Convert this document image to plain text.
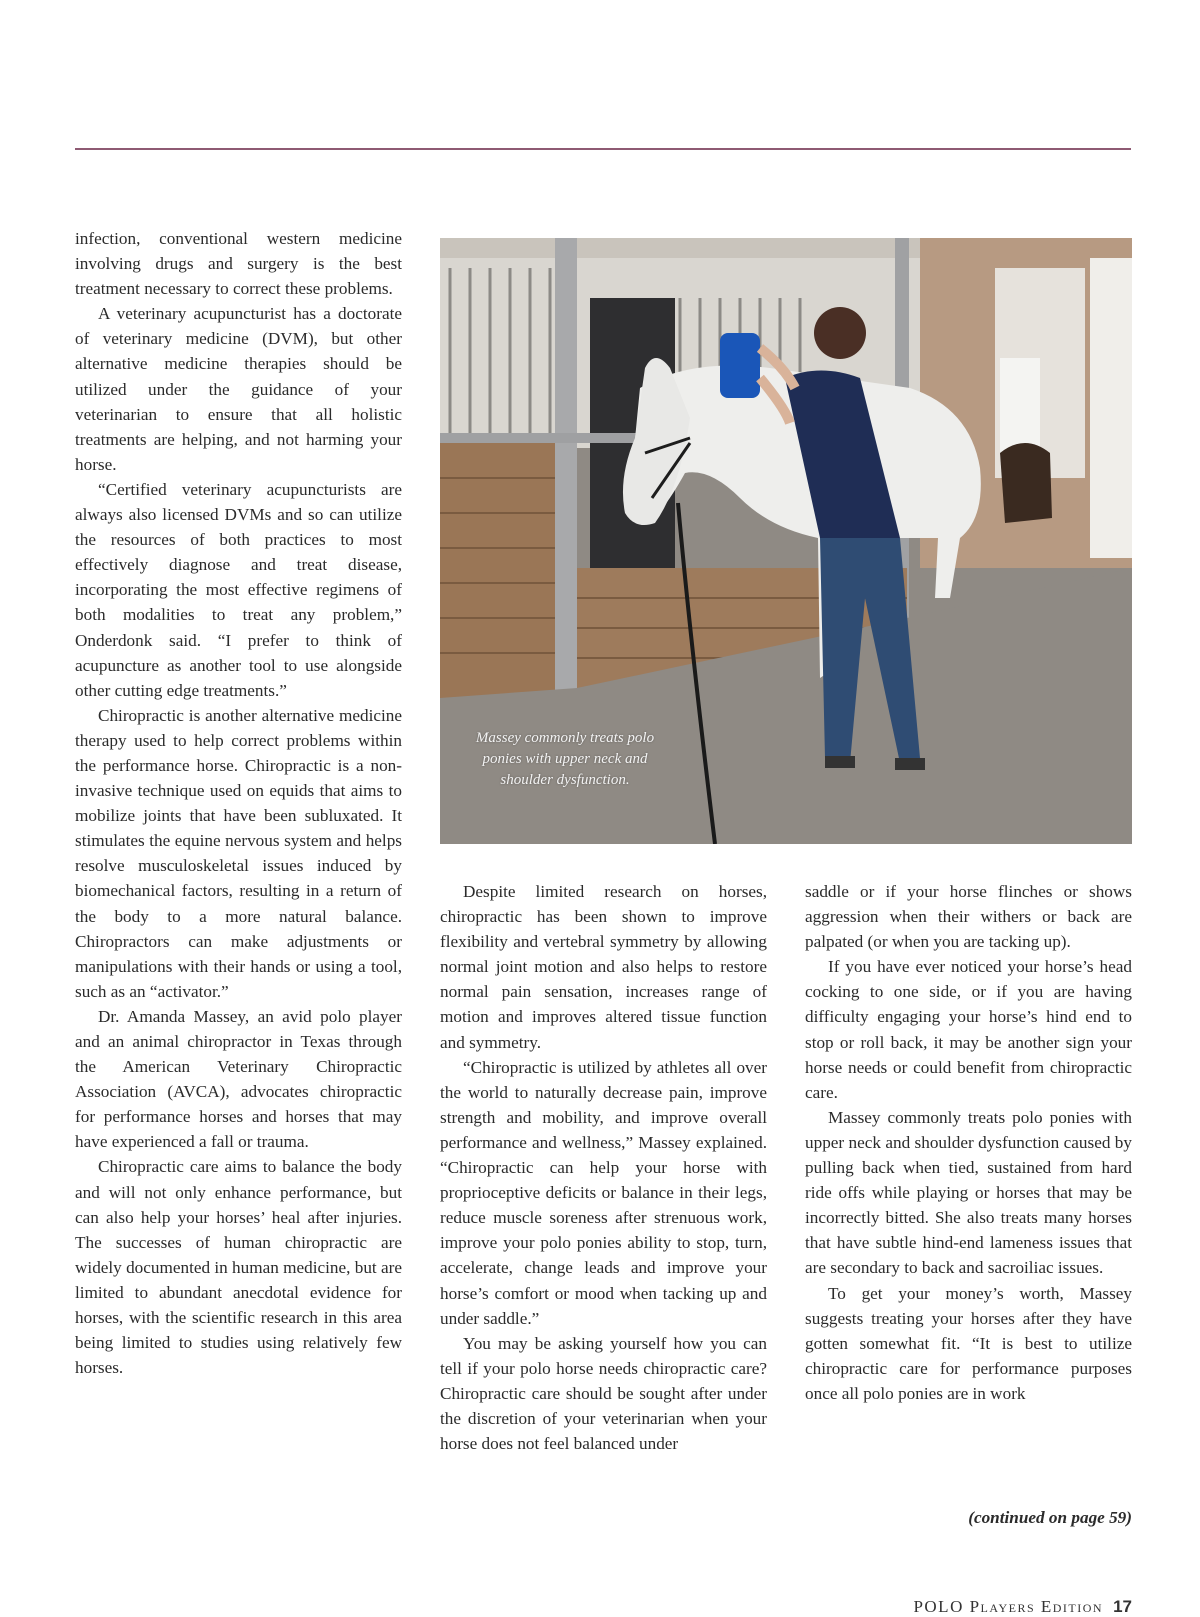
infection, conventional western medicine involving drugs and surgery is the best treatment necessary to correct these problems.

A veterinary acupuncturist has a doctorate of veterinary medicine (DVM), but other alternative medicine therapies should be utilized under the guidance of your veterinarian to ensure that all holistic treatments are helping, and not harming your horse.

“Certified veterinary acupuncturists are always also licensed DVMs and so can utilize the resources of both practices to most effectively diagnose and treat disease, incorporating the most effective regimens of both modalities to treat any problem,” Onderdonk said. “I prefer to think of acupuncture as another tool to use alongside other cutting edge treatments.”

Chiropractic is another alternative medicine therapy used to help correct problems within the performance horse. Chiropractic is a non-invasive technique used on equids that aims to mobilize joints that have been subluxated. It stimulates the equine nervous system and helps resolve musculoskeletal issues induced by biomechanical factors, resulting in a return of the body to a more natural balance. Chiropractors can make adjustments or manipulations with their hands or using a tool, such as an “activator.”

Dr. Amanda Massey, an avid polo player and an animal chiropractor in Texas through the American Veterinary Chiropractic Association (AVCA), advocates chiropractic for performance horses and horses that may have experienced a fall or trauma.

Chiropractic care aims to balance the body and will not only enhance performance, but can also help your horses’ heal after injuries. The successes of human chiropractic are widely documented in human medicine, but are limited to abundant anecdotal evidence for horses, with the scientific research in this area being limited to studies using relatively few horses.

Massey commonly treats polo ponies with upper neck and shoulder dysfunction.

Despite limited research on horses, chiropractic has been shown to improve flexibility and vertebral symmetry by allowing normal joint motion and also helps to restore normal pain sensation, increases range of motion and improves altered tissue function and symmetry.

“Chiropractic is utilized by athletes all over the world to naturally decrease pain, improve strength and mobility, and improve overall performance and wellness,” Massey explained. “Chiropractic can help your horse with proprioceptive deficits or balance in their legs, reduce muscle soreness after strenuous work, improve your polo ponies ability to stop, turn, accelerate, change leads and improve your horse’s comfort or mood when tacking up and under saddle.”

You may be asking yourself how you can tell if your polo horse needs chiropractic care? Chiropractic care should be sought after under the discretion of your veterinarian when your horse does not feel balanced under

saddle or if your horse flinches or shows aggression when their withers or back are palpated (or when you are tacking up).

If you have ever noticed your horse’s head cocking to one side, or if you are having difficulty engaging your horse’s hind end to stop or roll back, it may be another sign your horse needs or could benefit from chiropractic care.

Massey commonly treats polo ponies with upper neck and shoulder dysfunction caused by pulling back when tied, sustained from hard ride offs while playing or horses that may be incorrectly bitted. She also treats many horses that have subtle hind-end lameness issues that are secondary to back and sacroiliac issues.

To get your money’s worth, Massey suggests treating your horses after they have gotten somewhat fit. “It is best to utilize chiropractic care for performance purposes once all polo ponies are in work

(continued on page 59)
POLO Players Edition 17
